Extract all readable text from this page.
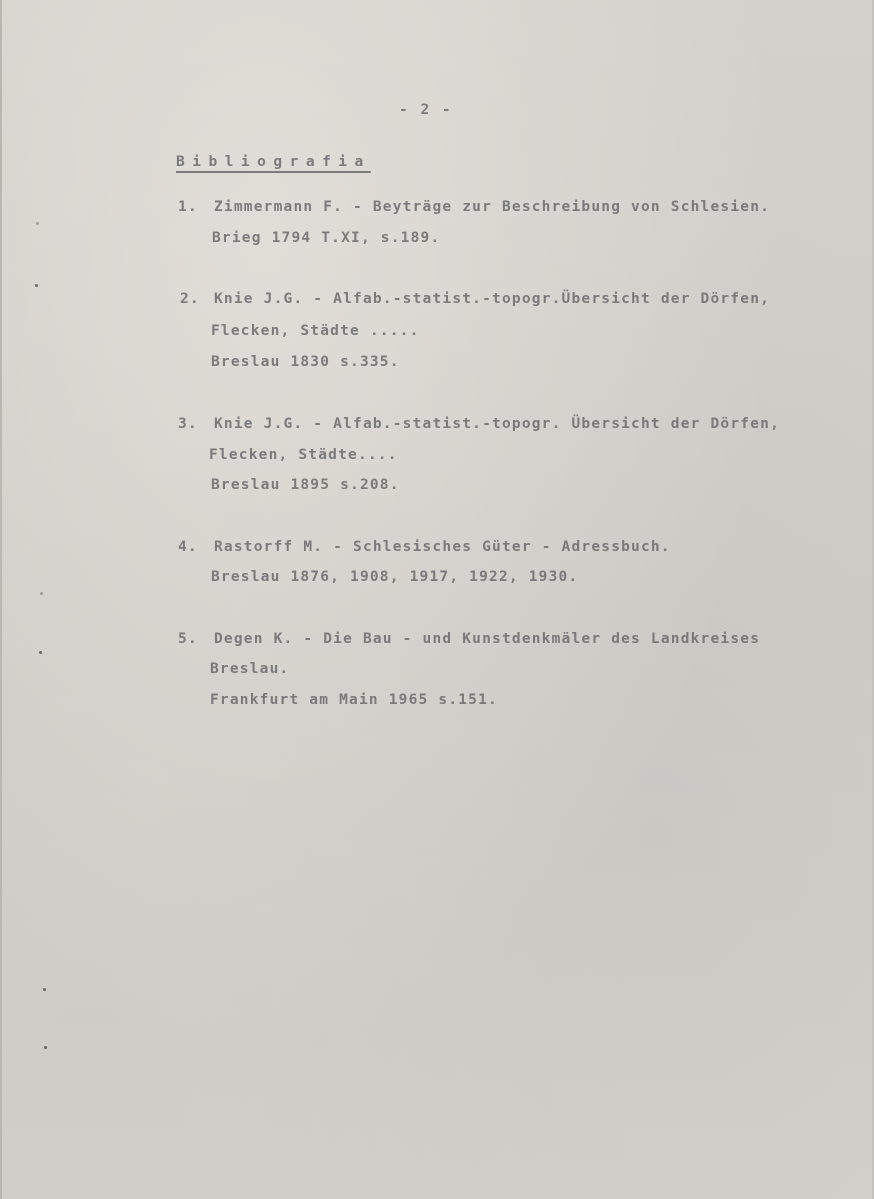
- 2 -
Bibliografia
1. Zimmermann F. - Beyträge zur Beschreibung von Schlesien.
Brieg 1794 T.XI, s.189.
2. Knie J.G. - Alfab.-statist.-topogr.Übersicht der Dörfen,
Flecken, Städte .....
Breslau 1830 s.335.
3. Knie J.G. - Alfab.-statist.-topogr. Übersicht der Dörfen,
Flecken, Städte....
Breslau 1895 s.208.
4. Rastorff M. - Schlesisches Güter - Adressbuch.
Breslau 1876, 1908, 1917, 1922, 1930.
5. Degen K. - Die Bau - und Kunstdenkmäler des Landkreises
Breslau.
Frankfurt am Main 1965 s.151.
